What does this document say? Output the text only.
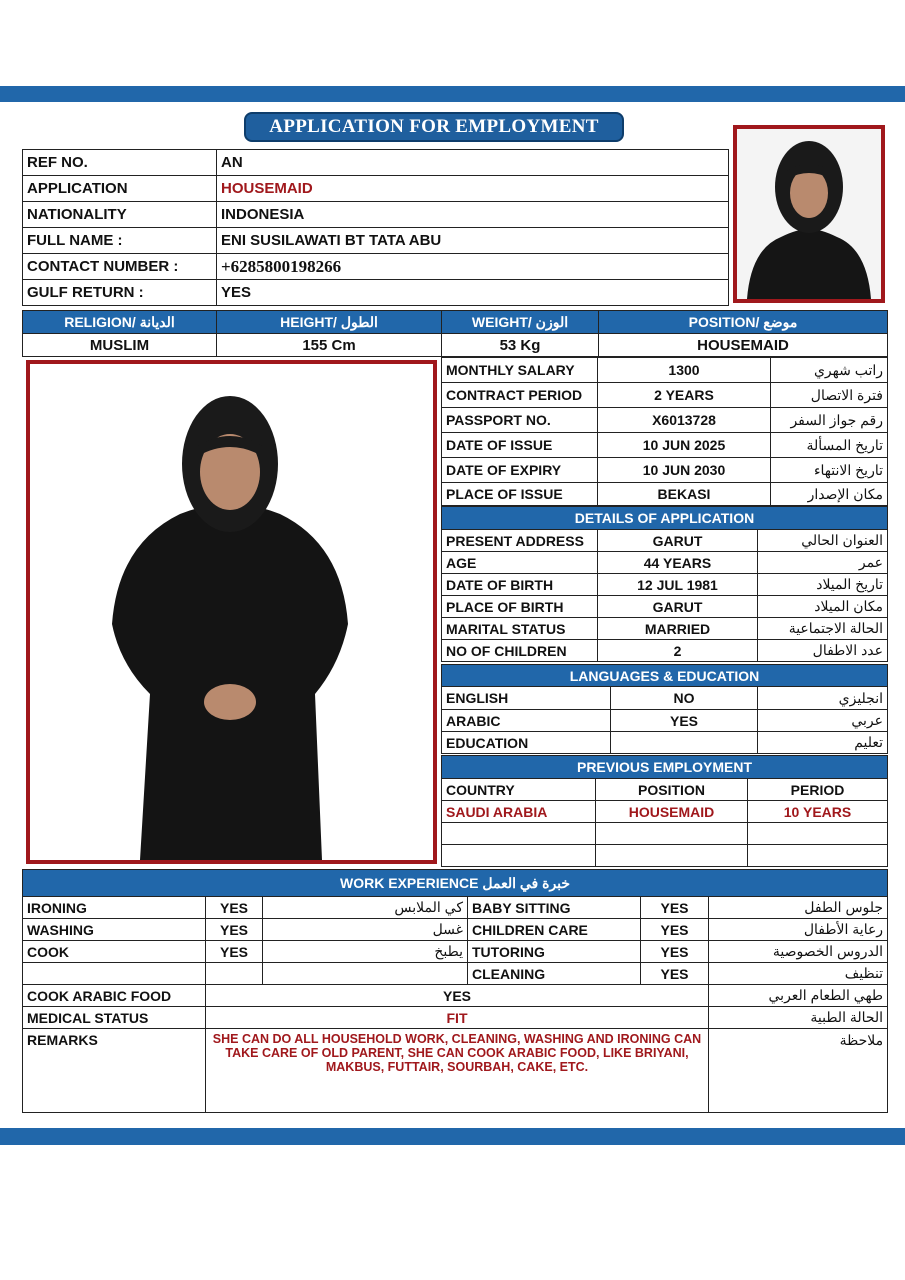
APPLICATION FOR EMPLOYMENT
REF NO.	AN
APPLICATION	HOUSEMAID
NATIONALITY	INDONESIA
FULL NAME :	ENI SUSILAWATI BT TATA ABU
CONTACT NUMBER :	+6285800198266
GULF RETURN :	YES
RELIGION/ الديانة	HEIGHT/ الطول	WEIGHT/ الوزن	POSITION/ موضع
MUSLIM	155 Cm	53 Kg	HOUSEMAID
MONTHLY SALARY	1300	راتب شهري
CONTRACT PERIOD	2 YEARS	فترة الاتصال
PASSPORT NO.	X6013728	رقم جواز السفر
DATE OF ISSUE	10 JUN 2025	تاريخ المسألة
DATE OF EXPIRY	10 JUN 2030	تاريخ الانتهاء
PLACE OF ISSUE	BEKASI	مكان الإصدار
DETAILS OF APPLICATION		
PRESENT ADDRESS	GARUT	العنوان الحالي
AGE	44 YEARS	عمر
DATE OF BIRTH	12 JUL 1981	تاريخ الميلاد
PLACE OF BIRTH	GARUT	مكان الميلاد
MARITAL STATUS	MARRIED	الحالة الاجتماعية
NO OF CHILDREN	2	عدد الاطفال
LANGUAGES & EDUCATION		
ENGLISH	NO	انجليزي
ARABIC	YES	عربي
EDUCATION		تعليم
PREVIOUS EMPLOYMENT		
COUNTRY	POSITION	PERIOD
SAUDI ARABIA	HOUSEMAID	10 YEARS

WORK EXPERIENCE خبرة في العمل					
IRONING	YES	كي الملابس	BABY SITTING	YES	جلوس الطفل
WASHING	YES	غسل	CHILDREN CARE	YES	رعاية الأطفال
COOK	YES	يطبخ	TUTORING	YES	الدروس الخصوصية
			CLEANING	YES	تنظيف
COOK ARABIC FOOD	YES				طهي الطعام العربي
MEDICAL STATUS	FIT				الحالة الطبية
REMARKS	SHE CAN DO ALL HOUSEHOLD WORK, CLEANING, WASHING AND IRONING CAN TAKE CARE OF OLD PARENT, SHE CAN COOK ARABIC FOOD, LIKE BRIYANI, MAKBUS, FUTTAIR, SOURBAH, CAKE, ETC.				ملاحظة
